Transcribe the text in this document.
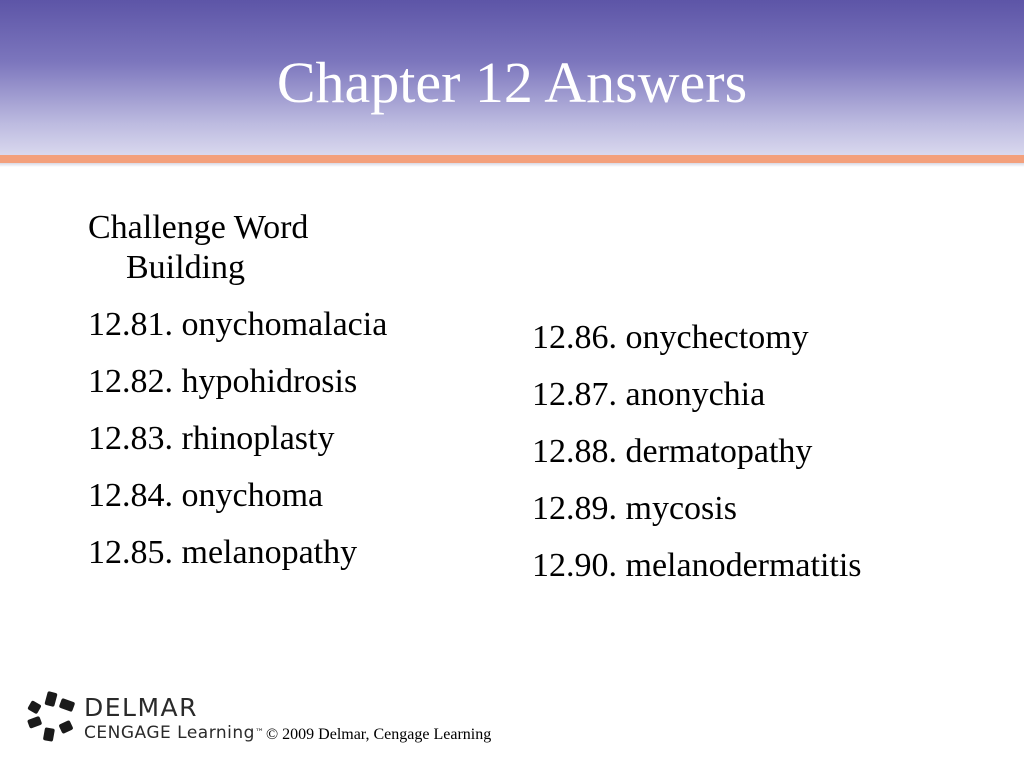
Chapter 12 Answers
Challenge Word
Building
12.81. onychomalacia
12.82. hypohidrosis
12.83. rhinoplasty
12.84. onychoma
12.85. melanopathy
12.86. onychectomy
12.87. anonychia
12.88. dermatopathy
12.89. mycosis
12.90. melanodermatitis
DELMAR
CENGAGE Learning™ © 2009 Delmar, Cengage Learning
